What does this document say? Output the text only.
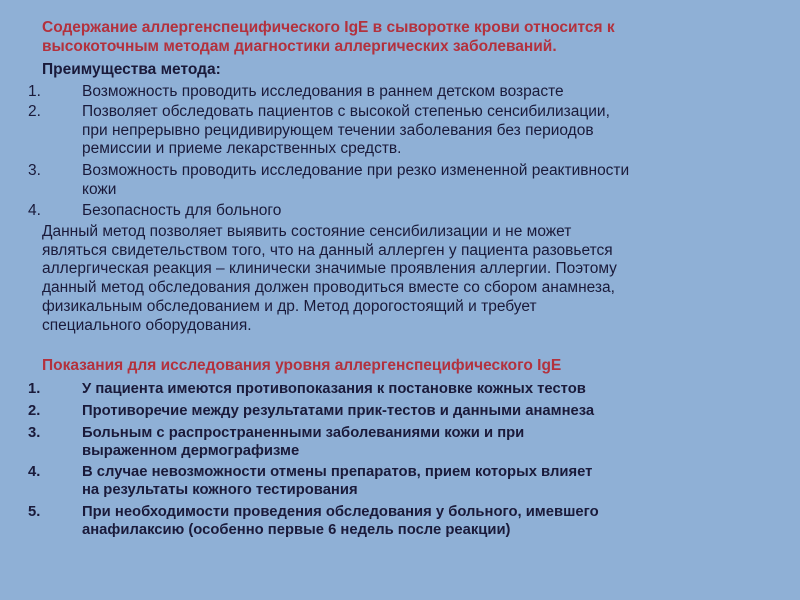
Содержание аллергенспецифического IgE в сыворотке крови относится к
высокоточным методам диагностики аллергических заболеваний.
Преимущества метода:
1.	Возможность проводить исследования в раннем детском возрасте
2.	Позволяет обследовать пациентов с высокой степенью сенсибилизации,
при непрерывно рецидивирующем течении заболевания без периодов
ремиссии и приеме лекарственных средств.
3.	Возможность проводить исследование при резко измененной реактивности
кожи
4.	Безопасность для больного
Данный метод позволяет выявить состояние сенсибилизации и не может
являться свидетельством того, что на данный аллерген у пациента разовьется
аллергическая реакция – клинически значимые проявления аллергии. Поэтому
данный метод обследования должен проводиться вместе со сбором анамнеза,
физикальным обследованием и др. Метод дорогостоящий и требует
специального оборудования.
Показания для исследования уровня аллергенспецифического IgE
1.	У пациента имеются противопоказания к постановке кожных тестов
2.	Противоречие между результатами прик-тестов и данными анамнеза
3.	Больным с распространенными заболеваниями кожи и при
выраженном дермографизме
4.	В случае невозможности отмены препаратов, прием которых влияет
на результаты кожного тестирования
5.	При необходимости проведения обследования у больного, имевшего
анафилаксию (особенно первые 6 недель после реакции)
